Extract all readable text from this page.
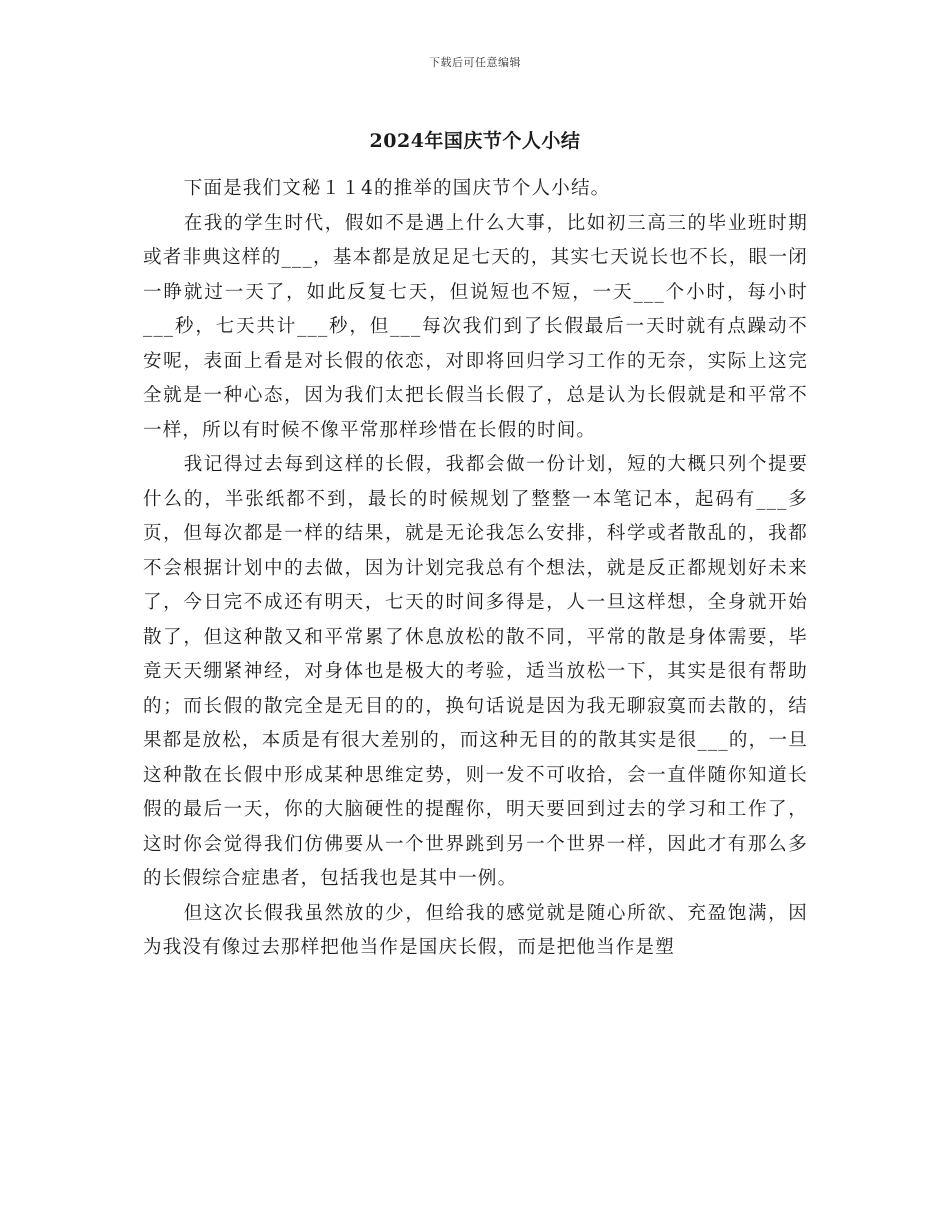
下载后可任意编辑
2024年国庆节个人小结

下面是我们文秘１１4的推举的国庆节个人小结。

在我的学生时代，假如不是遇上什么大事，比如初三高三的毕业班时期或者非典这样的___，基本都是放足足七天的，其实七天说长也不长，眼一闭一睁就过一天了，如此反复七天，但说短也不短，一天___个小时，每小时___秒，七天共计___秒，但___每次我们到了长假最后一天时就有点躁动不安呢，表面上看是对长假的依恋，对即将回归学习工作的无奈，实际上这完全就是一种心态，因为我们太把长假当长假了，总是认为长假就是和平常不一样，所以有时候不像平常那样珍惜在长假的时间。

我记得过去每到这样的长假，我都会做一份计划，短的大概只列个提要什么的，半张纸都不到，最长的时候规划了整整一本笔记本，起码有___多页，但每次都是一样的结果，就是无论我怎么安排，科学或者散乱的，我都不会根据计划中的去做，因为计划完我总有个想法，就是反正都规划好未来了，今日完不成还有明天，七天的时间多得是，人一旦这样想，全身就开始散了，但这种散又和平常累了休息放松的散不同，平常的散是身体需要，毕竟天天绷紧神经，对身体也是极大的考验，适当放松一下，其实是很有帮助的；而长假的散完全是无目的的，换句话说是因为我无聊寂寞而去散的，结果都是放松，本质是有很大差别的，而这种无目的的散其实是很___的，一旦这种散在长假中形成某种思维定势，则一发不可收拾，会一直伴随你知道长假的最后一天，你的大脑硬性的提醒你，明天要回到过去的学习和工作了，这时你会觉得我们仿佛要从一个世界跳到另一个世界一样，因此才有那么多的长假综合症患者，包括我也是其中一例。

但这次长假我虽然放的少，但给我的感觉就是随心所欲、充盈饱满，因为我没有像过去那样把他当作是国庆长假，而是把他当作是塑
